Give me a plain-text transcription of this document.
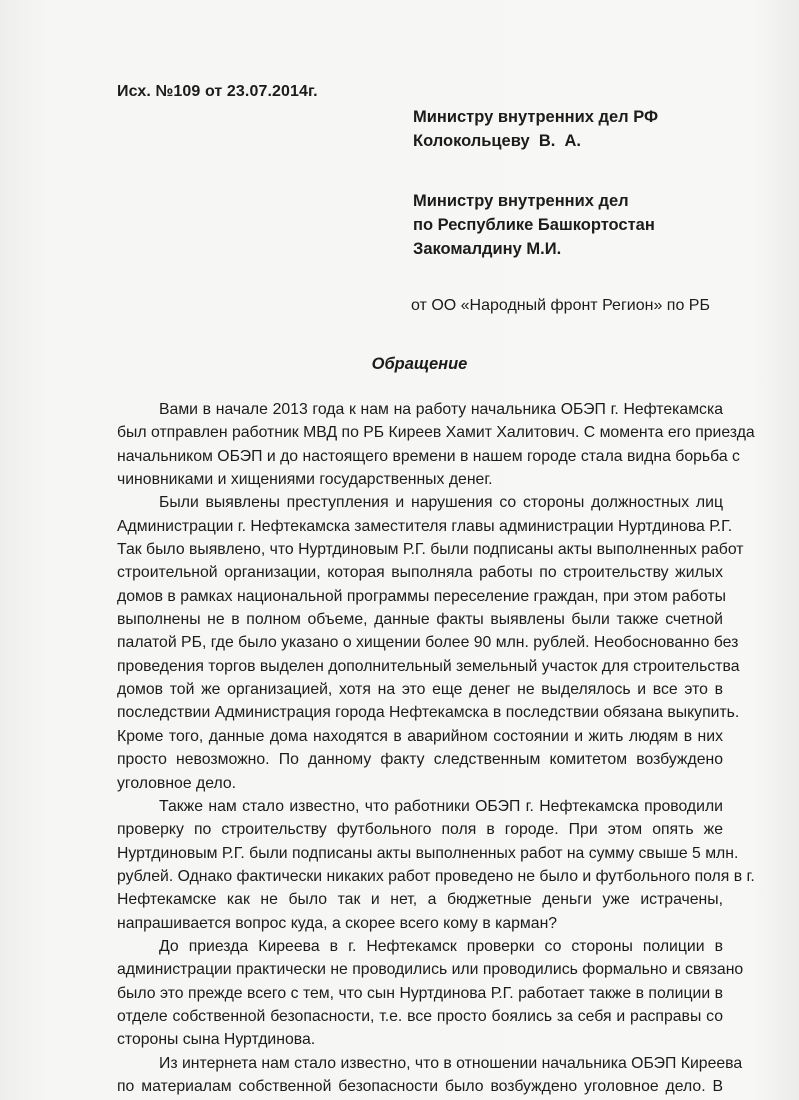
Исх. №109 от 23.07.2014г.
Министру внутренних дел РФ
Колокольцеву  В.  А.
Министру внутренних дел
по Республике Башкортостан
Закомалдину М.И.
от ОО «Народный фронт Регион» по РБ
Обращение
Вами в начале 2013 года к нам на работу начальника ОБЭП г. Нефтекамска
был отправлен работник МВД по РБ Киреев Хамит Халитович. С момента его приезда
начальником ОБЭП и до настоящего времени в нашем городе стала видна борьба с
чиновниками и хищениями государственных денег.
Были выявлены преступления и нарушения со стороны должностных лиц
Администрации г. Нефтекамска заместителя главы администрации Нуртдинова Р.Г.
Так было выявлено, что Нуртдиновым Р.Г. были подписаны акты выполненных работ
строительной организации, которая выполняла работы по строительству жилых
домов в рамках национальной программы переселение граждан, при этом работы
выполнены не в полном объеме, данные факты выявлены были также счетной
палатой РБ, где было указано о хищении более 90 млн. рублей. Необоснованно без
проведения торгов выделен дополнительный земельный участок для строительства
домов той же организацией, хотя на это еще денег не выделялось и все это в
последствии Администрация города Нефтекамска в последствии обязана выкупить.
Кроме того, данные дома находятся в аварийном состоянии и жить людям в них
просто невозможно. По данному факту следственным комитетом возбуждено
уголовное дело.
Также нам стало известно, что работники ОБЭП г. Нефтекамска проводили
проверку по строительству футбольного поля в городе. При этом опять же
Нуртдиновым Р.Г. были подписаны акты выполненных работ на сумму свыше 5 млн.
рублей. Однако фактически никаких работ проведено не было и футбольного поля в г.
Нефтекамске как не было так и нет, а бюджетные деньги уже истрачены,
напрашивается вопрос куда, а скорее всего кому в карман?
До приезда Киреева в г. Нефтекамск проверки со стороны полиции в
администрации практически не проводились или проводились формально и связано
было это прежде всего с тем, что сын Нуртдинова Р.Г. работает также в полиции в
отделе собственной безопасности, т.е. все просто боялись за себя и расправы со
стороны сына Нуртдинова.
Из интернета нам стало известно, что в отношении начальника ОБЭП Киреева
по материалам собственной безопасности было возбуждено уголовное дело. В
